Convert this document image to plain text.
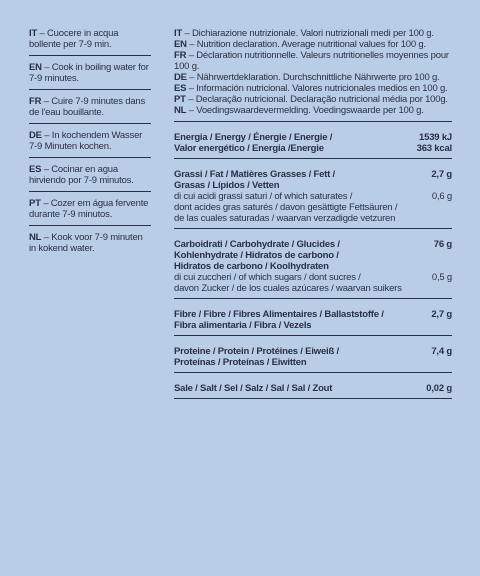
IT – Cuocere in acqua bollente per 7-9 min.
EN – Cook in boiling water for 7-9 minutes.
FR – Cuire 7-9 minutes dans de l'eau bouillante.
DE – In kochendem Wasser 7-9 Minuten kochen.
ES – Cocinar en agua hirviendo por 7-9 minutos.
PT – Cozer em água fervente durante 7-9 minutos.
NL – Kook voor 7-9 minuten in kokend water.
IT – Dichiarazione nutrizionale. Valori nutrizionali medi per 100 g.
EN – Nutrition declaration. Average nutritional values for 100 g.
FR – Déclaration nutritionnelle. Valeurs nutritionelles moyennes pour 100 g.
DE – Nährwertdeklaration. Durchschnittliche Nährwerte pro 100 g.
ES – Información nutricional. Valores nutricionales medios en 100 g.
PT – Declaração nutricional. Declaração nutricional média por 100g.
NL – Voedingswaardevermelding. Voedingswaarde per 100 g.
Energia / Energy / Énergie / Energie /	1539 kJ
Valor energético / Energia /Energie	363 kcal
Grassi / Fat / Matières Grasses / Fett /	2,7 g
Grasas / Lípidos / Vetten
di cui acidi grassi saturi / of which saturates /	0,6 g
dont acides gras saturés / davon gesättigte Fettsäuren /
de las cuales saturadas / waarvan verzadigde vetzuren
Carboidrati / Carbohydrate / Glucides /	76 g
Kohlenhydrate / Hidratos de carbono /
Hidratos de carbono / Koolhydraten
di cui zuccheri / of which sugars / dont sucres /	0,5 g
davon Zucker / de los cuales azúcares / waarvan suikers
Fibre / Fibre / Fibres Alimentaires / Ballaststoffe /	2,7 g
Fibra alimentaria / Fibra / Vezels
Proteine / Protein / Protéines / Eiweiß /	7,4 g
Proteínas / Proteínas / Eiwitten
Sale / Salt / Sel / Salz / Sal / Sal / Zout	0,02 g
